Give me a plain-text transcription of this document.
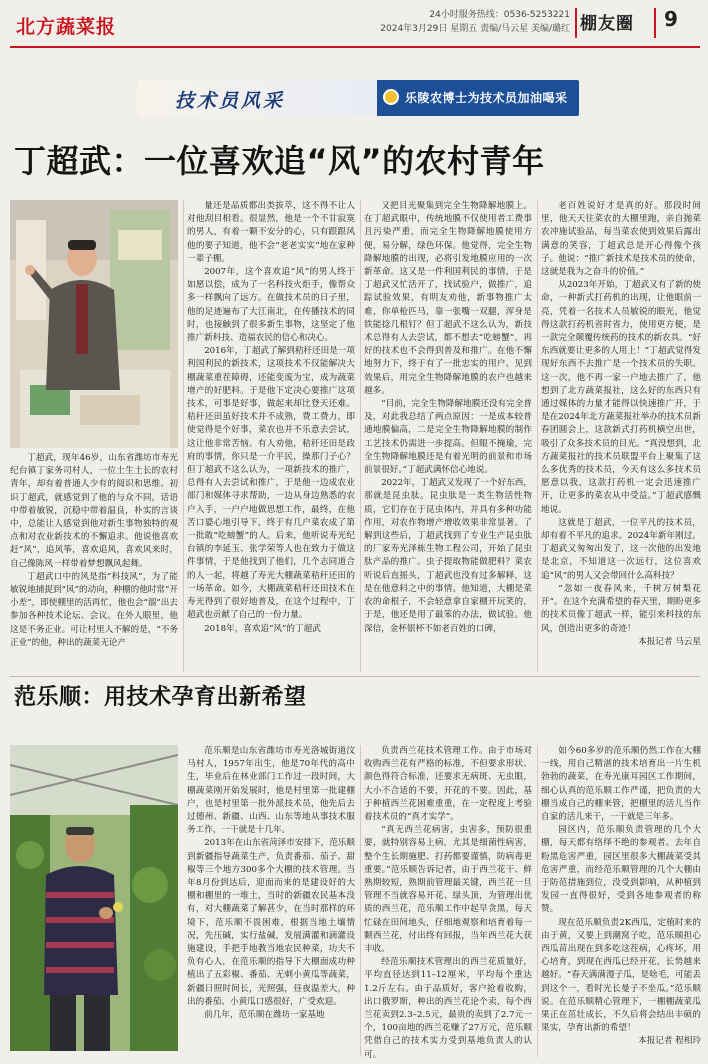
北方蔬菜报
24小时服务热线：0536-5253221
2024年3月29日 星期五 责编/马云星 美编/璐红 棚友圈 9
技术员风采	乐陵农博士为技术员加油喝采
丁超武：一位喜欢追“风”的农村青年

丁超武，现年46岁，山东省潍坊市寿光纪台镇丁家务司村人，一位土生土长的农村青年，却有着普通人少有的阅识和思维。初识丁超武，就感觉到了他的与众不同，话语中带着敏锐，沉稳中带着温良，朴实的言谈中，总能让人感觉到他对新生事物独特的观点和对农业新技术的不懈追求。他说他喜欢赶“风”，追风筝，喜欢追风，喜欢风来时，自己像陈风一样带着梦想飘风起舞。

丁超武口中的风是指“科技风”，为了能敏锐地捕捉到“风”的动向，种棚的他时常“开小差”，即使棚里的活再忙，他也会“溜”出去参加各种技术论坛、会议。在外人眼里，他这是不务正业。可让村里人不解的是，“不务正业”的他，种出的蔬菜无论产

量还是品质都出类拔萃，这不得不让人对他刮目相看。很显然，他是一个不甘寂寞的男人，有着一颗不安分的心，只有跟跟风他的要子知道，他不会“老老实实”地在家种一辈子棚。

2007年，这个喜欢追“风”的男人终于如愿以偿，成为了一名科技火炬手，像帮众多一样飘向了远方。在做技术员的日子里，他的足迹遍布了大江南北，在传播技术的同时，也接触到了很多新生事物，这坚定了他推广新科技、造福农民的信心和决心。

2016年，丁超武了解到秸秆还田是一项利国利民的新技术，这项技术不仅能解决大棚蔬菜重茬障碍，还能变废为宝，成为蔬菜增产的好肥料。于是他下定决心要推广这项技术，可事是好事，做起来却比登天还难。秸秆还田虽好技术并不成熟，费工费力，即使觉得是个好事，菜农也并不乐意去尝试，这让他非常苦恼。有人劝他，秸秆还田是政府的事情，你只是一介平民，操那门子心？但丁超武不这么认为，一项新技术的推广，总得有人去尝试和推广，于是他一边成农业部门和媒体寻求帮助，一边从身边熟悉的农户入手，一户户地做思想工作，最终，在他苦口婆心地引导下，终于有几户菜农成了第一批敢“吃螃蟹”的人。后来，他听说寿光纪台镇的李延玉、张学荣等人也在致力于做这件事情，于是他找到了他们，几个志同道合的人一起，将越了寿光大棚蔬菜秸秆还田的一场革命。如今，大棚蔬菜秸秆还田技术在寿光得到了很好地普及，在这个过程中，丁超武也贡献了自己的一份力量。

2018年，喜欢追“风”的丁超武

又把目光聚集到完全生物降解地膜上。在丁超武眼中，传统地膜不仅使用者工费事且污染严重，而完全生物降解地膜使用方便，易分解，绿色环保。他觉得，完全生物降解地膜的出现，必将引发地膜应用的一次新革命。这又是一件利国利民的事情，于是丁超武又忙活开了，找试验户，做推广，追踪试验效果，有明友劝他，新事物推广太难，你单枪匹马，靠一张嘴一双腿，浑身是铁能捻几根钉？但丁超武不这么认为，新技术总得有人去尝试，都不想去“吃螃蟹”，再好的技术也不会得到普及和推广。在他不懈地努力下，终于有了一批忠实的用户。见到效果后，用完全生物降解地膜的农户也越来越多。

“目前，完全生物降解地膜还没有完全普及，对此我总结了两点原因：一是成本较普通地膜偏高，二是完全生物降解地膜的制作工艺技术仍需进一步提高。但眼不掩瑜，完全生物降解地膜还是有着光明的前景和市场前景很好。”丁超武满怀信心地说。

2022年，丁超武又发现了一个好东西，那就是昆虫肽。昆虫肽是一类生物活性物质，它们存在于昆虫体内，并具有多种功能作用，对农作物增产增收效果非常显著。了解到这些后，丁超武找到了专业生产昆虫肽的厂家寿光泽栋生物工程公司，开始了昆虫肽产品的推广。虫子提取物能做肥料？菜农听说后直摇头，丁超武也没有过多解释，这是在他意料之中的事情。他知道，大棚是菜农的命根子，不会轻意拿自家棚开玩笑的，于是，他还是用了最笨的办法，做试验。他深信，金杯银杯不如老百姓的口碑，

老百姓说好才是真的好。那段时间里，他天天往菜农的大棚里跑，亲自抛菜农冲施试验品，每当菜农使到效果后露出满意的笑容，丁超武总是开心得像个孩子。他说：“推广新技术是技术员的使命，这就是我为之奋斗的价值。”

从2023年开始，丁超武又有了新的使命，一种新式打药机的出现，让他眼前一亮，凭着一名技术人员敏锐的眼光，他觉得这款打药机省时省力，使用更方便，是一款完全颠覆传统药的技术的新农具。“好东西就要让更多的人用上！”丁超武觉得发现好东西不去推广是一个技术员的失职。这一次，他不再一家一户地去推广了，他想到了北方蔬菜报社，这么好的东西只有通过媒体的力量才能得以快速推广开，于是在2024年北方蔬菜报社举办的技术员新春团圆会上，这款新式打药机横空出世，吸引了众多技术员的目光。“真没想到，北方蔬菜报社的技术员联盟平台上聚集了这么多优秀的技术员，今天有这么多技术员愿意以我，这款打药机一定会迅速推广开，让更多的菜农从中受益。”丁超武感慨地说。

这就是丁超武，一位平凡的技术员，却有着不平凡的追求。2024年新年刚过，丁超武又匆匆出发了，这一次他的出发地是北京，不知道这一次远行，这位喜欢追“风”的男人又会带回什么高科技？

“忽如一夜春风来，千树万树梨花开”。在这个充满希望的春天里，期盼更多的技术员像丁超武一样，能引来科技的东风，创造出更多的奇迹！

本报记者 马云星
范乐顺：用技术孕育出新希望

范乐顺是山东省潍坊市寿光洛城街道汶马村人，1957年出生，他是70年代的高中生，毕业后在林业部门工作过一段时间，大棚蔬菜刚开始发展时，他是村里第一批建棚户，也是村里第一批外派技术员，他先后去过德州、新疆、山西、山东等地从事技术服务工作，一干就是十几年。

2013年在山东省菏泽市安排下，范乐顺到新疆指导蔬菜生产，负责番茄、茄子、甜椒等三个地方300多个大棚的技术管理。当年8月份到达后，迎面而来的是建设好的大棚和棚里的一堆土，当时的新疆农民基本没有，对大棚蔬菜了解甚少，在当时那样的环境下，范乐顺不畏困难，根据当地土壤情况，先压碱，实行盐碱，发展满灌和滴灌设施建设，手把手地教当地农民种菜，功夫不负有心人，在范乐顺的指导下大棚面成功种植出了五彩椒、番茄、无刺小黄瓜等蔬菜，新疆日照时间长，光照强，昼夜温差大，种出的番茄、小黄瓜口感很好，广受欢迎。

前几年，范乐顺在潍坊一家基地

负责西兰花技术管理工作。由于市场对收购西兰花有严格的标准，不但要求形状、颜色得符合标准，还要求无病斑、无虫眼，大小不合适的不要，开花的不要。因此，基于种植西兰花困难重重，在一定程度上考验着技术员的“真才实学”。

“真无西兰花病害，虫害多，预防很重要，就特别容易上病，尤其是细菌性病害，整个生长期施肥、打药都要谨慎，防病毒更重要。”范乐顺告诉记者，由于西兰花干、鲜熟期较短，熟期前管理最关键，西兰花一旦管理不当就容易开花、绿头顶，为管理出优质的西兰花，范乐顺工作中起早贪黑，每天忙碌在田间地头，仔细地观察和培育着每一颗西兰花，付出终有回报，当年西兰花大获丰收。

经范乐顺技术管理出的西兰花质量好，平均直径达到11–12厘米，平均每个重达1.2斤左右。由于品质好，客户抢着收购，出口俄罗斯，种出的西兰花论个卖，每个西兰花卖到2.3–2.5元，最贵的卖到了2.7元一个，100亩地的西兰花赚了27万元，范乐顺凭借自己的技术实力受到基地负责人的认可。

如今60多岁的范乐顺仍然工作在大棚一线，用自己精湛的技术培育出一片生机勃勃的蔬菜，在寿光康耳园区工作期间，细心认真的范乐顺工作严谨，把负责的大棚当成自己的棚来管，把棚里的活儿当作自家的活儿来干，一干就是三年多。

园区内，范乐顺负责管理的几个大棚，每天都有络绎不绝的参观者。去年自粉黑危害严重，园区里很多大棚蔬菜受其危害严重，而经范乐顺管理的几个大棚由于防范措施到位，没受到影响，从种植到发园一直得很好，受到各地参观者的称赞。

现在范乐顺负责2K西瓜，定植时来的由于黄，又要上到潮窝子吃，范乐顺担心西瓜苗出现在到多吃这茬病，心疼坏，用心培育，到现在西瓜已经开花，长势越来越好。“春天满满漫子瓜，是啥毛，可能丢到这个一，看时光长曼子不坐瓜。”范乐顺说。在范乐顺精心管理下，一棚棚蔬菜瓜果正在茁壮成长，不久后将会结出丰硕的果实，孕育出新的希望！

本报记者 程相玲
